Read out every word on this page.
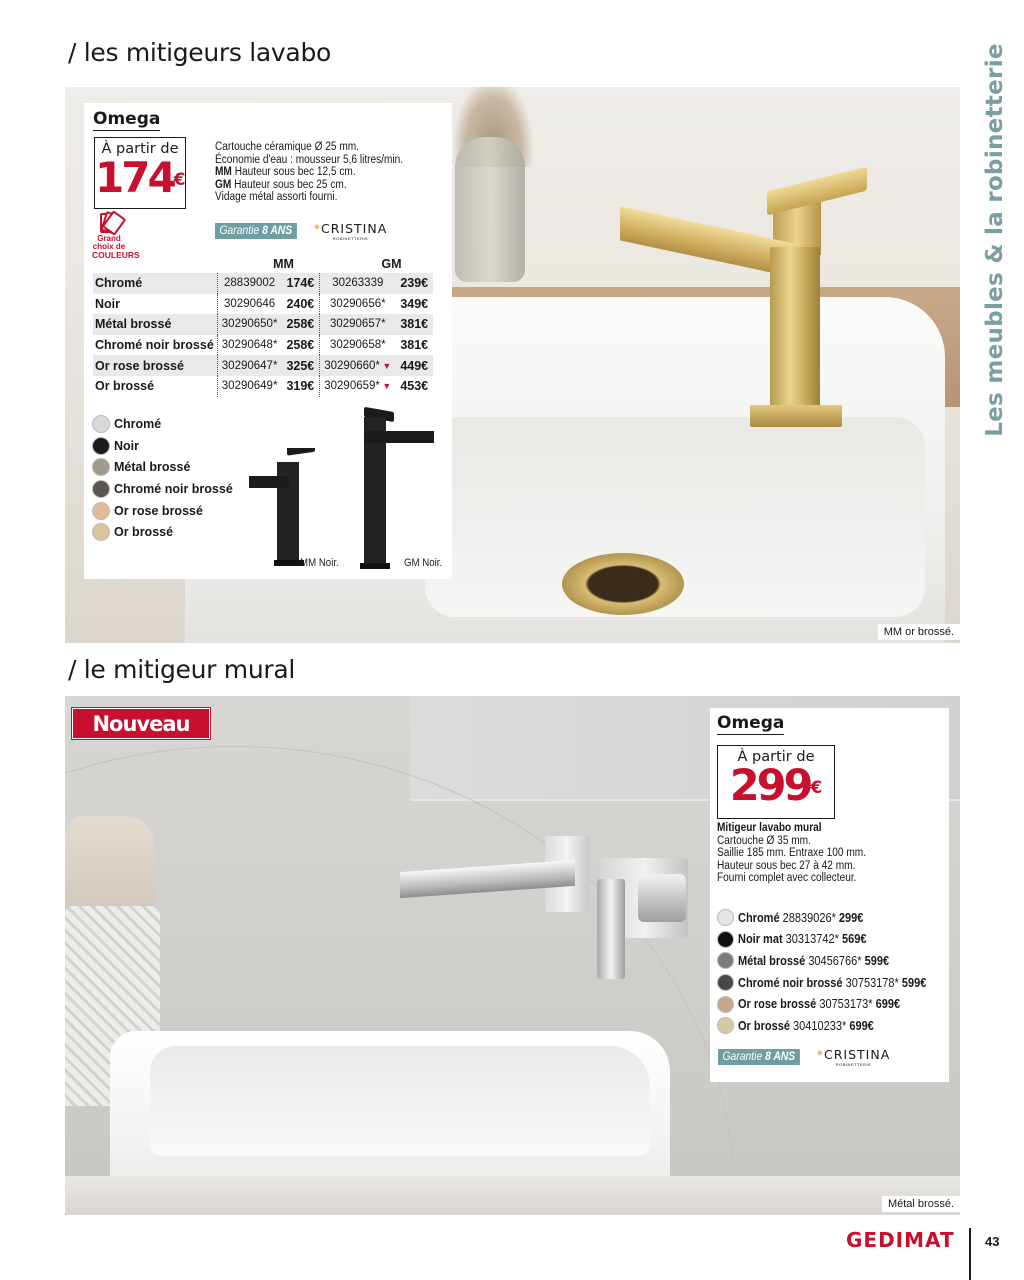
/ les mitigeurs lavabo	Les meubles & la robinetterie
Omega
À partir de
174€
Cartouche céramique Ø 25 mm.
Économie d'eau : mousseur 5,6 litres/min.
MM Hauteur sous bec 12,5 cm.
GM Hauteur sous bec 25 cm.
Vidage métal assorti fourni.
Garantie 8 ANS	*CRISTINA
ROBINETTERIE
Grand
choix de
COULEURS
	MM		GM	
Chromé	28839002	174€	30263339	239€
Noir	30290646	240€	30290656*	349€
Métal brossé	30290650*	258€	30290657*	381€
Chromé noir brossé	30290648*	258€	30290658*	381€
Or rose brossé	30290647*	325€	30290660* ▼	449€
Or brossé	30290649*	319€	30290659* ▼	453€
Chromé
Noir
Métal brossé
Chromé noir brossé
Or rose brossé
Or brossé
MM Noir.	GM Noir.
MM or brossé.
/ le mitigeur mural
Nouveau	Omega
À partir de
299€
Mitigeur lavabo mural
Cartouche Ø 35 mm.
Saillie 185 mm. Entraxe 100 mm.
Hauteur sous bec 27 à 42 mm.
Fourni complet avec collecteur.
Chromé 28839026* 299€
Noir mat 30313742* 569€
Métal brossé 30456766* 599€
Chromé noir brossé 30753178* 599€
Or rose brossé 30753173* 699€
Or brossé 30410233* 699€
Garantie 8 ANS	*CRISTINA
ROBINETTERIE
Métal brossé.
GEDIMAT 43
